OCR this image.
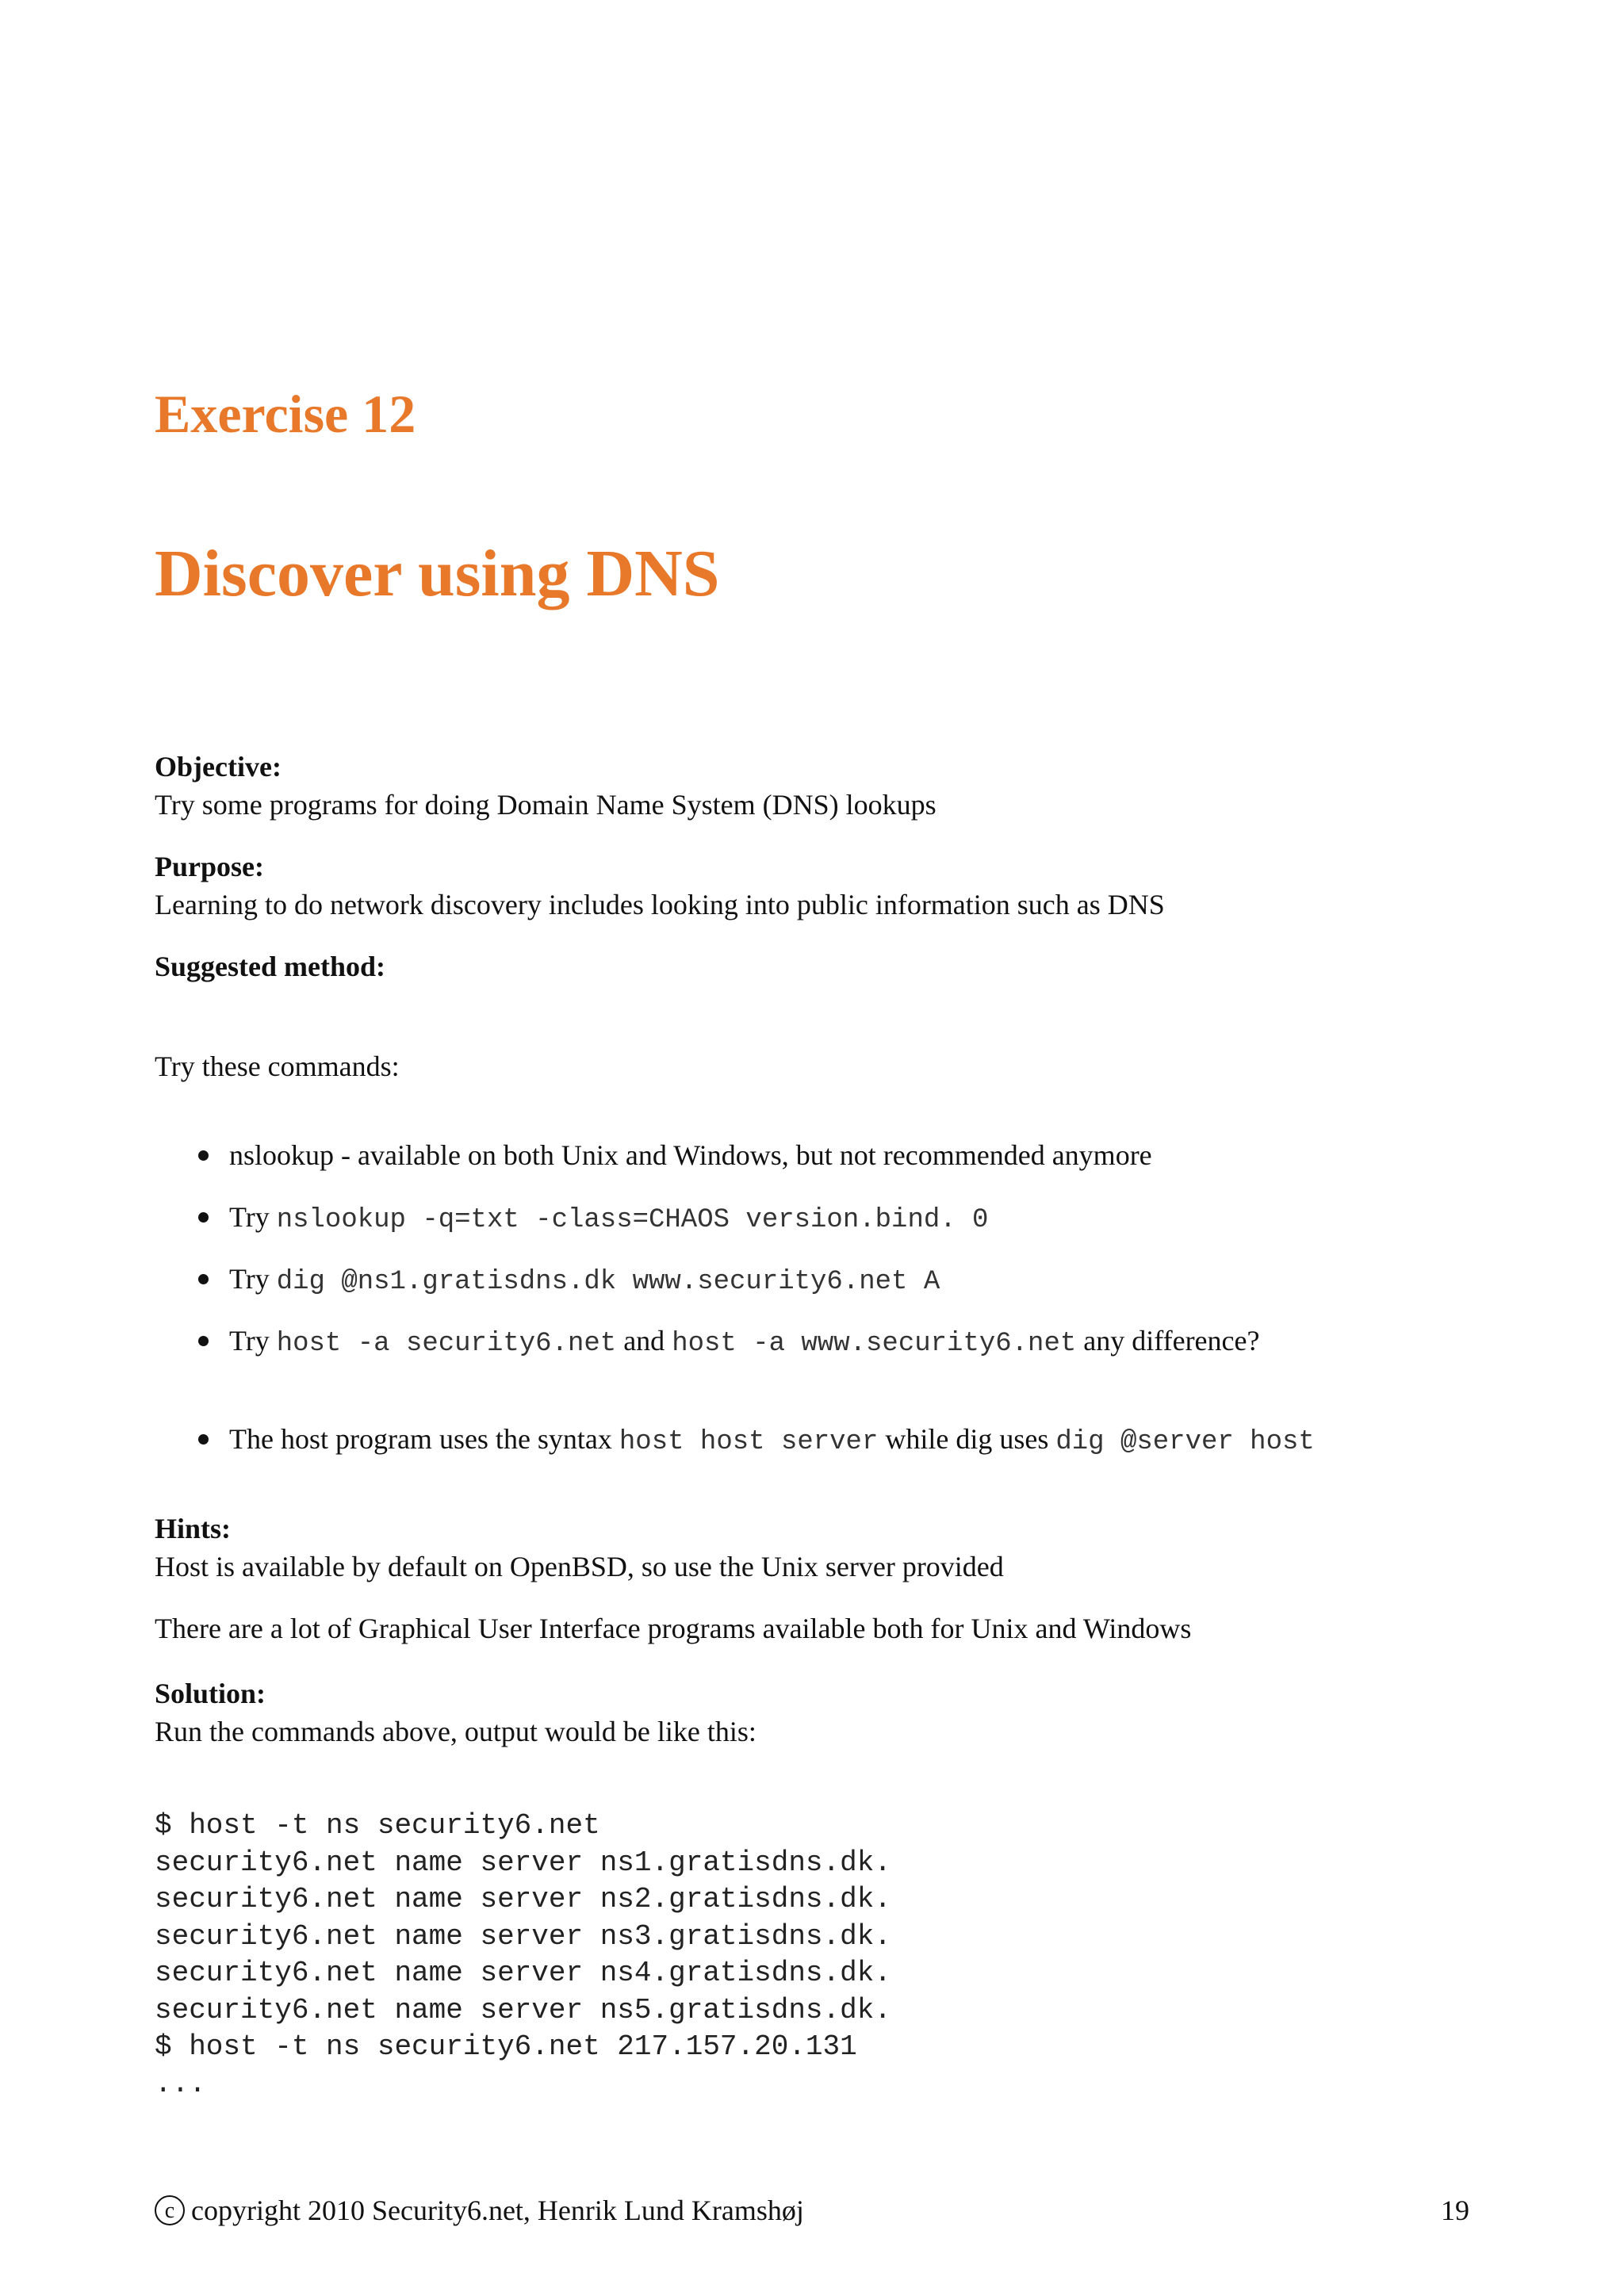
Exercise 12
Discover using DNS
Objective:
Try some programs for doing Domain Name System (DNS) lookups
Purpose:
Learning to do network discovery includes looking into public information such as DNS
Suggested method:
Try these commands:
nslookup - available on both Unix and Windows, but not recommended anymore
Try nslookup -q=txt -class=CHAOS version.bind. 0
Try dig @ns1.gratisdns.dk www.security6.net A
Try host -a security6.net and host -a www.security6.net any difference?
The host program uses the syntax host host server while dig uses dig @server host
Hints:
Host is available by default on OpenBSD, so use the Unix server provided
There are a lot of Graphical User Interface programs available both for Unix and Windows
Solution:
Run the commands above, output would be like this:
$ host -t ns security6.net
security6.net name server ns1.gratisdns.dk.
security6.net name server ns2.gratisdns.dk.
security6.net name server ns3.gratisdns.dk.
security6.net name server ns4.gratisdns.dk.
security6.net name server ns5.gratisdns.dk.
$ host -t ns security6.net 217.157.20.131
...
c copyright 2010 Security6.net, Henrik Lund Kramshøj	19
